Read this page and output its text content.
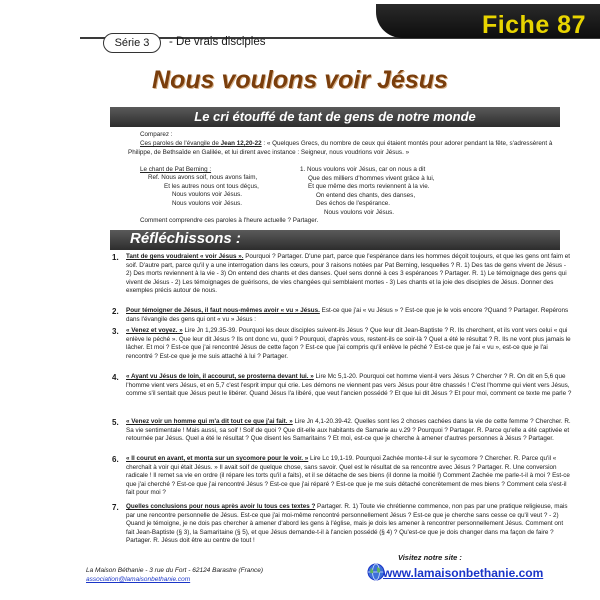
Fiche 87
Série 3	- De vrais disciples
Nous voulons voir Jésus
Le cri étouffé de tant de gens de notre monde
Comparez :
Ces paroles de l'évangile de Jean 12,20-22 : « Quelques Grecs, du nombre de ceux qui étaient montés pour adorer pendant la fête, s'adressèrent à Philippe, de Bethsaïde en Galilée, et lui dirent avec instance : Seigneur, nous voudrions voir Jésus. »
Le chant de Pat Berning :
Ref. Nous avons soif, nous avons faim,
Et les autres nous ont tous déçus,
Nous voulons voir Jésus.
Nous voulons voir Jésus.
1. Nous voulons voir Jésus, car on nous a dit
Que des milliers d'hommes vivent grâce à lui,
Et que même des morts reviennent à la vie.
On entend des chants, des danses,
Des échos de l'espérance.
Nous voulons voir Jésus.
Comment comprendre ces paroles à l'heure actuelle ? Partager.
Réfléchissons :
1. Tant de gens voudraient « voir Jésus ». Pourquoi ? Partager. D'une part, parce que l'espérance dans les hommes déçoit toujours, et que les gens ont faim et soif. D'autre part, parce qu'il y a une interrogation dans les cœurs, pour 3 raisons notées par Pat Berning, lesquelles ? R. 1) Des tas de gens vivent de Jésus - 2) Des morts reviennent à la vie - 3) On entend des chants et des danses. Quel sens donné à ces 3 espérances ? Partager. R. 1) Le témoignage des gens qui vivent de Jésus - 2) Les témoignages de guérisons, de vies changées qui semblaient mortes - 3) Les chants et la joie des disciples de Jésus. Donner des exemples précis autour de nous.
2. Pour témoigner de Jésus, il faut nous-mêmes avoir « vu » Jésus. Est-ce que j'ai « vu Jésus » ? Est-ce que je le vois encore ?Quand ? Partager. Repérons dans l'évangile des gens qui ont « vu » Jésus :
3. « Venez et voyez. » Lire Jn 1,29.35-39. Pourquoi les deux disciples suivent-ils Jésus ? Que leur dit Jean-Baptiste ? R. Ils cherchent, et ils vont vers celui « qui enlève le péché ». Que leur dit Jésus ? Ils ont donc vu, quoi ? Pourquoi, d'après vous, restent-ils ce soir-là ? Quel a été le résultat ? R. Ils ne vont plus jamais le lâcher. Et moi ? Est-ce que j'ai rencontré Jésus de cette façon ? Est-ce que j'ai compris qu'il enlève le péché ? Est-ce que je l'ai « vu », est-ce que je l'ai rencontré ? Est-ce que je me suis attaché à lui ? Partager.
4. « Ayant vu Jésus de loin, il accourut, se prosterna devant lui. » Lire Mc 5,1-20. Pourquoi cet homme vient-il vers Jésus ? Chercher ? R. On dit en 5,6 que l'homme vient vers Jésus, et en 5,7 c'est l'esprit impur qui crie. Les démons ne viennent pas vers Jésus pour être chassés ! C'est l'homme qui vient vers Jésus, comme s'il sentait que Jésus peut le libérer. Quand Jésus l'a libéré, que veut l'ancien possédé ? Et que lui dit Jésus ? Et pour moi, comment ce texte me parle ?
5. « Venez voir un homme qui m'a dit tout ce que j'ai fait. » Lire Jn 4,1-20.39-42. Quelles sont les 2 choses cachées dans la vie de cette femme ? Chercher. R. Sa vie sentimentale ! Mais aussi, sa soif ! Soif de quoi ? Que dit-elle aux habitants de Samarie au v.29 ? Pourquoi ? Partager. R. Parce qu'elle a été captivée et retournée par Jésus. Quel a été le résultat ? Que disent les Samaritains ? Et moi, est-ce que je cherche à amener d'autres personnes à Jésus ? Partager.
6. « Il courut en avant, et monta sur un sycomore pour le voir. » Lire Lc 19,1-19. Pourquoi Zachée monte-t-il sur le sycomore ? Chercher. R. Parce qu'il « cherchait à voir qui était Jésus. » Il avait soif de quelque chose, sans savoir. Quel est le résultat de sa rencontre avec Jésus ? Partager. R. Une conversion radicale ! Il remet sa vie en ordre (il répare les torts qu'il a faits), et il se détache de ses biens (il donne la moitié !) Comment Zachée me parle-t-il à moi ? Est-ce que j'ai cherché ? Est-ce que j'ai rencontré Jésus ? Est-ce que j'ai réparé ? Est-ce que je me suis détaché concrètement de mes biens ? Comment cela s'est-il fait pour moi ?
7. Quelles conclusions pour nous après avoir lu tous ces textes ? Partager. R. 1) Toute vie chrétienne commence, non pas par une pratique religieuse, mais par une rencontre personnelle de Jésus. Est-ce que j'ai moi-même rencontré personnellement Jésus ? Est-ce que je cherche sans cesse ce qu'il veut ? - 2) Quand je témoigne, je ne dois pas chercher à amener d'abord les gens à l'église, mais je dois les amener à rencontrer personnellement Jésus. Comment ont fait Jean-Baptiste (§ 3), la Samaritaine (§ 5), et que Jésus demande-t-il à l'ancien possédé (§ 4) ? Qu'est-ce que je dois changer dans ma façon de faire ? Partager. R. Jésus doit être au centre de tout !
La Maison Béthanie - 3 rue du Fort - 62124 Barastre (France)
association@lamaisonbethanie.com
Visitez notre site :
www.lamaisonbethanie.com
